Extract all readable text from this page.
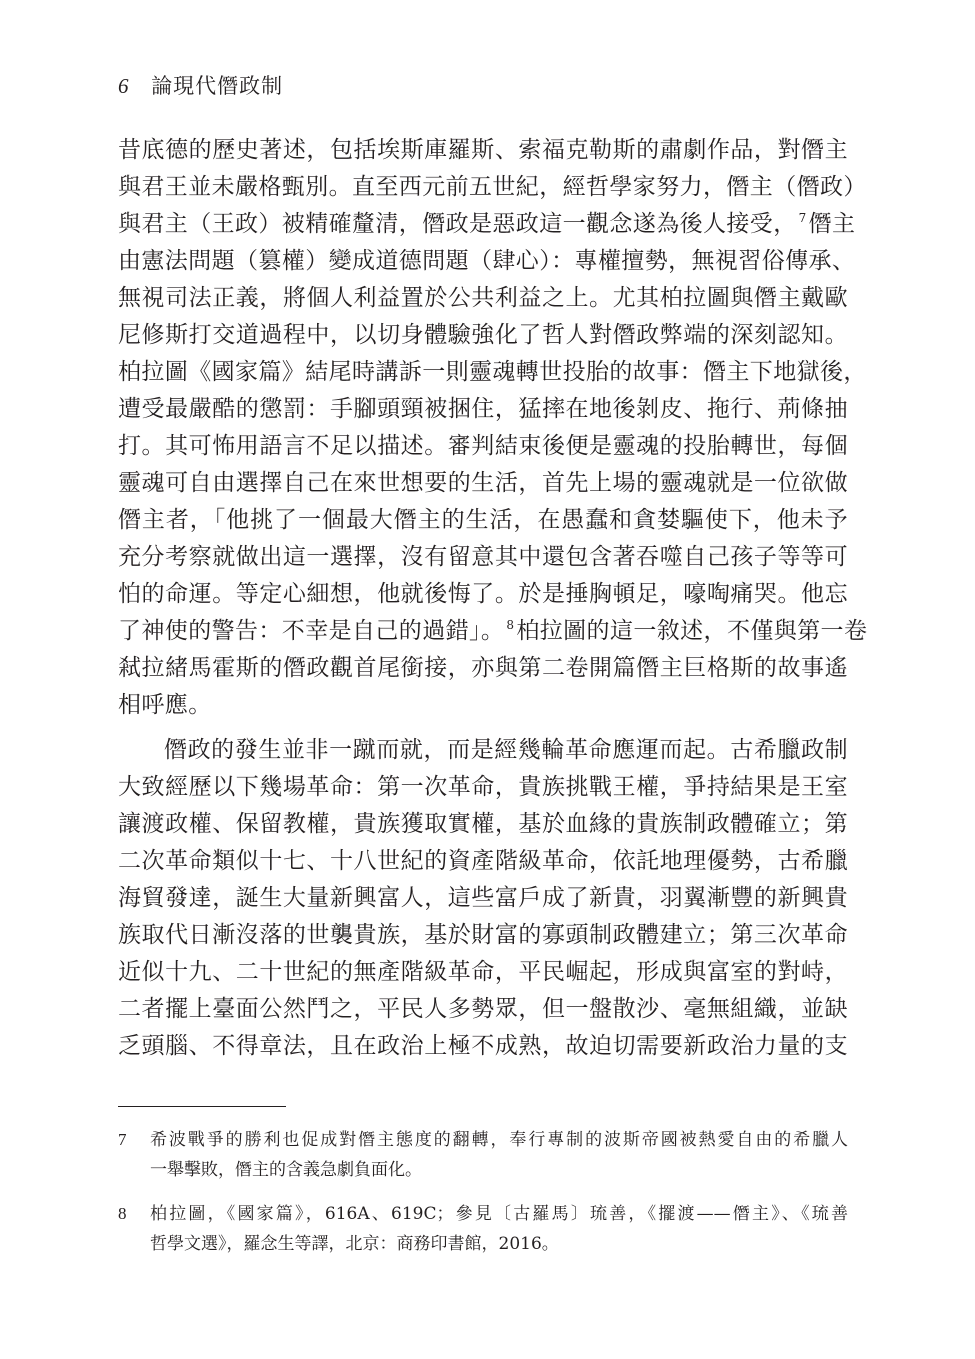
6 論現代僭政制
昔底德的歷史著述，包括埃斯庫羅斯、索福克勒斯的肅劇作品，對僭主
與君王並未嚴格甄別。直至西元前五世紀，經哲學家努力，僭主（僭政）
與君主（王政）被精確釐清，僭政是惡政這一觀念遂為後人接受， $^7$僭主
由憲法問題（篡權）變成道德問題（肆心）：專權擅勢，無視習俗傳承、
無視司法正義，將個人利益置於公共利益之上。尤其柏拉圖與僭主戴歐
尼修斯打交道過程中，以切身體驗強化了哲人對僭政弊端的深刻認知。
柏拉圖《國家篇》結尾時講訴一則靈魂轉世投胎的故事：僭主下地獄後，
遭受最嚴酷的懲罰：手腳頭頸被捆住，猛摔在地後剝皮、拖行、荊條抽
打。其可怖用語言不足以描述。審判結束後便是靈魂的投胎轉世，每個
靈魂可自由選擇自己在來世想要的生活，首先上場的靈魂就是一位欲做
僭主者，「他挑了一個最大僭主的生活，在愚蠢和貪婪驅使下，他未予
充分考察就做出這一選擇，沒有留意其中還包含著吞噬自己孩子等等可
怕的命運。等定心細想，他就後悔了。於是捶胸頓足，嚎啕痛哭。他忘
了神使的警告：不幸是自己的過錯」。 $^8$柏拉圖的這一敘述，不僅與第一卷
弒拉緒馬霍斯的僭政觀首尾銜接，亦與第二卷開篇僭主巨格斯的故事遙
相呼應。
僭政的發生並非一蹴而就，而是經幾輪革命應運而起。古希臘政制
大致經歷以下幾場革命：第一次革命，貴族挑戰王權，爭持結果是王室
讓渡政權、保留教權，貴族獲取實權，基於血緣的貴族制政體確立；第
二次革命類似十七、十八世紀的資產階級革命，依託地理優勢，古希臘
海貿發達，誕生大量新興富人，這些富戶成了新貴，羽翼漸豐的新興貴
族取代日漸沒落的世襲貴族，基於財富的寡頭制政體建立；第三次革命
近似十九、二十世紀的無產階級革命，平民崛起，形成與富室的對峙，
二者擺上臺面公然鬥之，平民人多勢眾，但一盤散沙、毫無組織，並缺
乏頭腦、不得章法，且在政治上極不成熟，故迫切需要新政治力量的支
7	希波戰爭的勝利也促成對僭主態度的翻轉，奉行專制的波斯帝國被熱愛自由的希臘人
一舉擊敗，僭主的含義急劇負面化。
8	柏拉圖，《國家篇》，616A、619C；參見〔古羅馬〕琉善，《擺渡——僭主》、《琉善
哲學文選》，羅念生等譯，北京：商務印書館，2016。
